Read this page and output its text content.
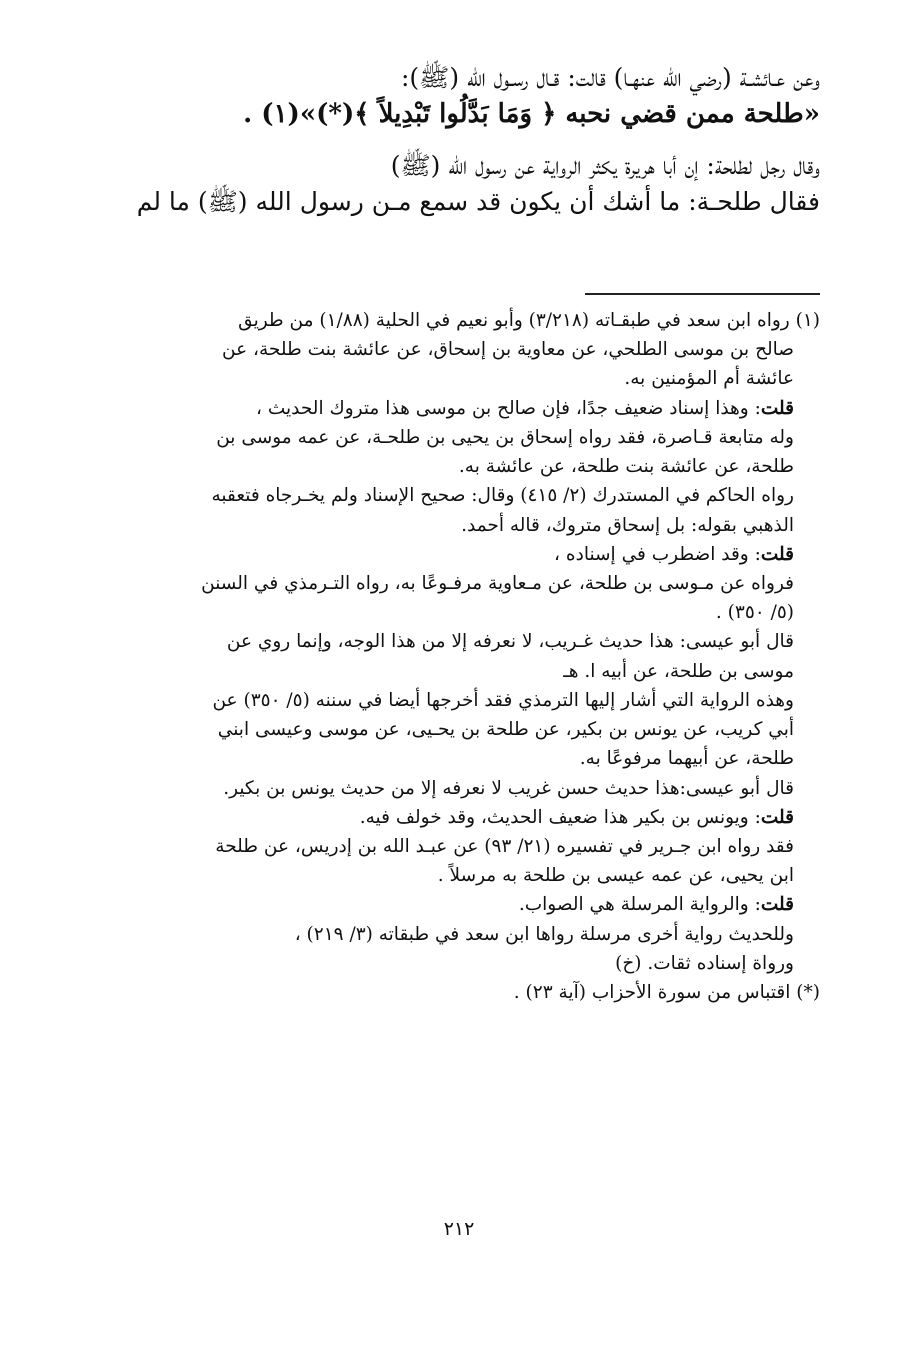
وعن عـائشـة (رضي الله عنهـا) قالت: قـال رسـول الله (ﷺ):

«طلحة ممن قضي نحبه ﴿ وَمَا بَدَّلُوا تَبْدِيلاً ﴾(*)»(١) .

وقال رجل لطلحة: إن أبا هريرة يكثر الرواية عن رسول الله (ﷺ)

فقال طلحـة: ما أشك أن يكون قد سمع مـن رسول الله (ﷺ) ما لم

(١) رواه ابن سعد في طبقـاته (٣/٢١٨) وأبو نعيم في الحلية (١/٨٨) من طريق

صالح بن موسى الطلحي، عن معاوية بن إسحاق، عن عائشة بنت طلحة، عن

عائشة أم المؤمنين به.

قلت: وهذا إسناد ضعيف جدًا، فإن صالح بن موسى هذا متروك الحديث ،

وله متابعة قـاصرة، فقد رواه إسحاق بن يحيى بن طلحـة، عن عمه موسى بن

طلحة، عن عائشة بنت طلحة، عن عائشة به.

رواه الحاكم في المستدرك (٢/ ٤١٥) وقال: صحيح الإسناد ولم يخـرجاه فتعقبه

الذهبي بقوله: بل إسحاق متروك، قاله أحمد.

قلت: وقد اضطرب في إسناده ،

فرواه عن مـوسى بن طلحة، عن مـعاوية مرفـوعًا به، رواه التـرمذي في السنن

(٥/ ٣٥٠) .

قال أبو عيسى: هذا حديث غـريب، لا نعرفه إلا من هذا الوجه، وإنما روي عن

موسى بن طلحة، عن أبيه ا. هـ

وهذه الرواية التي أشار إليها الترمذي فقد أخرجها أيضا في سننه (٥/ ٣٥٠) عن

أبي كريب، عن يونس بن بكير، عن طلحة بن يحـيى، عن موسى وعيسى ابني

طلحة، عن أبيهما مرفوعًا به.

قال أبو عيسى:هذا حديث حسن غريب لا نعرفه إلا من حديث يونس بن بكير.

قلت: ويونس بن بكير هذا ضعيف الحديث، وقد خولف فيه.

فقد رواه ابن جـرير في تفسيره (٢١/ ٩٣) عن عبـد الله بن إدريس، عن طلحة

ابن يحيى، عن عمه عيسى بن طلحة به مرسلاً .

قلت: والرواية المرسلة هي الصواب.

وللحديث رواية أخرى مرسلة رواها ابن سعد في طبقاته (٣/ ٢١٩) ،

ورواة إسناده ثقات. (خ)

(*) اقتباس من سورة الأحزاب (آية ٢٣) .

٢١٢
